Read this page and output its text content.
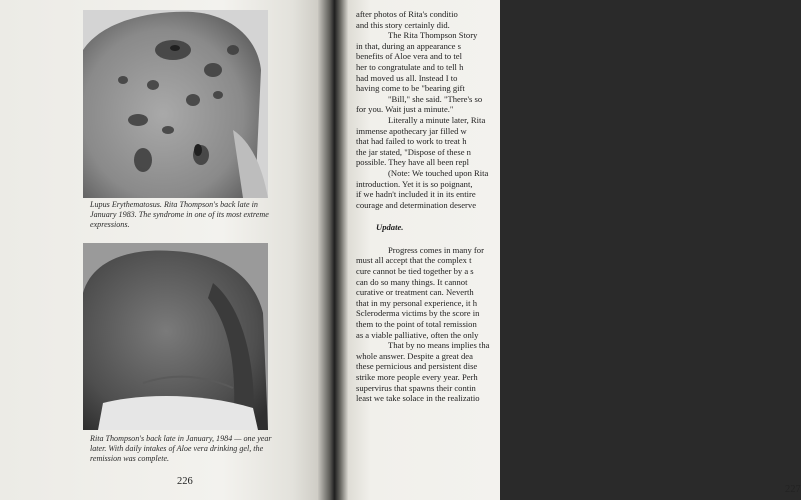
Lupus Erythematosus. Rita Thompson's back late in January 1983. The syndrome in one of its most extreme expressions.
Rita Thompson's back late in January, 1984 — one year later. With daily intakes of Aloe vera drinking gel, the remission was complete.
226
after photos of Rita's conditio
and this story certainly did.
The Rita Thompson Story
in that, during an appearance s
benefits of Aloe vera and to tel
her to congratulate and to tell h
had moved us all. Instead I to
having come to be "bearing gift
"Bill," she said. "There's so
for you. Wait just a minute."
Literally a minute later, Rita
immense apothecary jar filled w
that had failed to work to treat h
the jar stated, "Dispose of these n
possible. They have all been repl
(Note: We touched upon Rita
introduction. Yet it is so poignant,
if we hadn't included it in its entire
courage and determination deserve
Update.
Progress comes in many for
must all accept that the complex t
cure cannot be tied together by a s
can do so many things. It cannot
curative or treatment can. Neverth
that in my personal experience, it h
Scleroderma victims by the score in
them to the point of total remission
as a viable palliative, often the only
That by no means implies tha
whole answer. Despite a great dea
these pernicious and persistent dise
strike more people every year. Perh
supervirus that spawns their contin
least we take solace in the realizatio
227
